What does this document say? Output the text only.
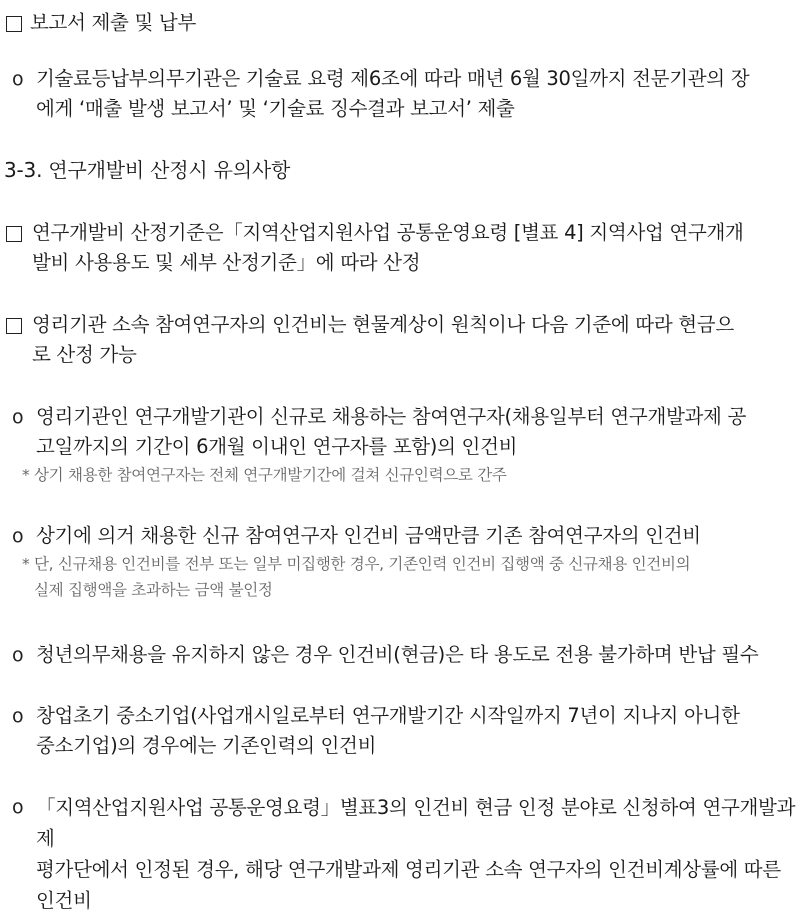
보고서 제출 및 납부
ο 기술료등납부의무기관은 기술료 요령 제6조에 따라 매년 6월 30일까지 전문기관의 장
에게 ‘매출 발생 보고서’ 및 ‘기술료 징수결과 보고서’ 제출
3-3. 연구개발비 산정시 유의사항
연구개발비 산정기준은「지역산업지원사업 공통운영요령 [별표 4] 지역사업 연구개개
발비 사용용도 및 세부 산정기준」에 따라 산정
영리기관 소속 참여연구자의 인건비는 현물계상이 원칙이나 다음 기준에 따라 현금으
로 산정 가능
ο 영리기관인 연구개발기관이 신규로 채용하는 참여연구자(채용일부터 연구개발과제 공
고일까지의 기간이 6개월 이내인 연구자를 포함)의 인건비
* 상기 채용한 참여연구자는 전체 연구개발기간에 걸쳐 신규인력으로 간주
ο 상기에 의거 채용한 신규 참여연구자 인건비 금액만큼 기존 참여연구자의 인건비
* 단, 신규채용 인건비를 전부 또는 일부 미집행한 경우, 기존인력 인건비 집행액 중 신규채용 인건비의
실제 집행액을 초과하는 금액 불인정
ο 청년의무채용을 유지하지 않은 경우 인건비(현금)은 타 용도로 전용 불가하며 반납 필수
ο 창업초기 중소기업(사업개시일로부터 연구개발기간 시작일까지 7년이 지나지 아니한
중소기업)의 경우에는 기존인력의 인건비
ο 「지역산업지원사업 공통운영요령」별표3의 인건비 현금 인정 분야로 신청하여 연구개발과제
평가단에서 인정된 경우, 해당 연구개발과제 영리기관 소속 연구자의 인건비계상률에 따른
인건비
